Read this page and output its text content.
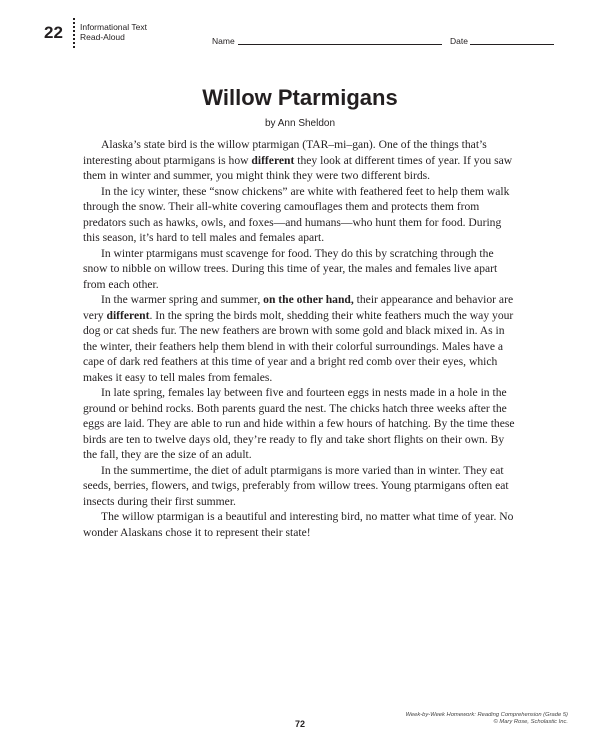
22 Informational Text
Read-Aloud	Name	Date
Willow Ptarmigans
by Ann Sheldon

Alaska’s state bird is the willow ptarmigan (TAR–mi–gan). One of the things that’s interesting about ptarmigans is how different they look at different times of year. If you saw them in winter and summer, you might think they were two different birds.

In the icy winter, these “snow chickens” are white with feathered feet to help them walk through the snow. Their all-white covering camouflages them and protects them from predators such as hawks, owls, and foxes—and humans—who hunt them for food. During this season, it’s hard to tell males and females apart.

In winter ptarmigans must scavenge for food. They do this by scratching through the snow to nibble on willow trees. During this time of year, the males and females live apart from each other.

In the warmer spring and summer, on the other hand, their appearance and behavior are very different. In the spring the birds molt, shedding their white feathers much the way your dog or cat sheds fur. The new feathers are brown with some gold and black mixed in. As in the winter, their feathers help them blend in with their colorful surroundings. Males have a cape of dark red feathers at this time of year and a bright red comb over their eyes, which makes it easy to tell males from females.

In late spring, females lay between five and fourteen eggs in nests made in a hole in the ground or behind rocks. Both parents guard the nest. The chicks hatch three weeks after the eggs are laid. They are able to run and hide within a few hours of hatching. By the time these birds are ten to twelve days old, they’re ready to fly and take short flights on their own. By the fall, they are the size of an adult.

In the summertime, the diet of adult ptarmigans is more varied than in winter. They eat seeds, berries, flowers, and twigs, preferably from willow trees. Young ptarmigans often eat insects during their first summer.

The willow ptarmigan is a beautiful and interesting bird, no matter what time of year. No wonder Alaskans chose it to represent their state!

72
Week-by-Week Homework: Reading Comprehension (Grade 5)
© Mary Rose, Scholastic Inc.
